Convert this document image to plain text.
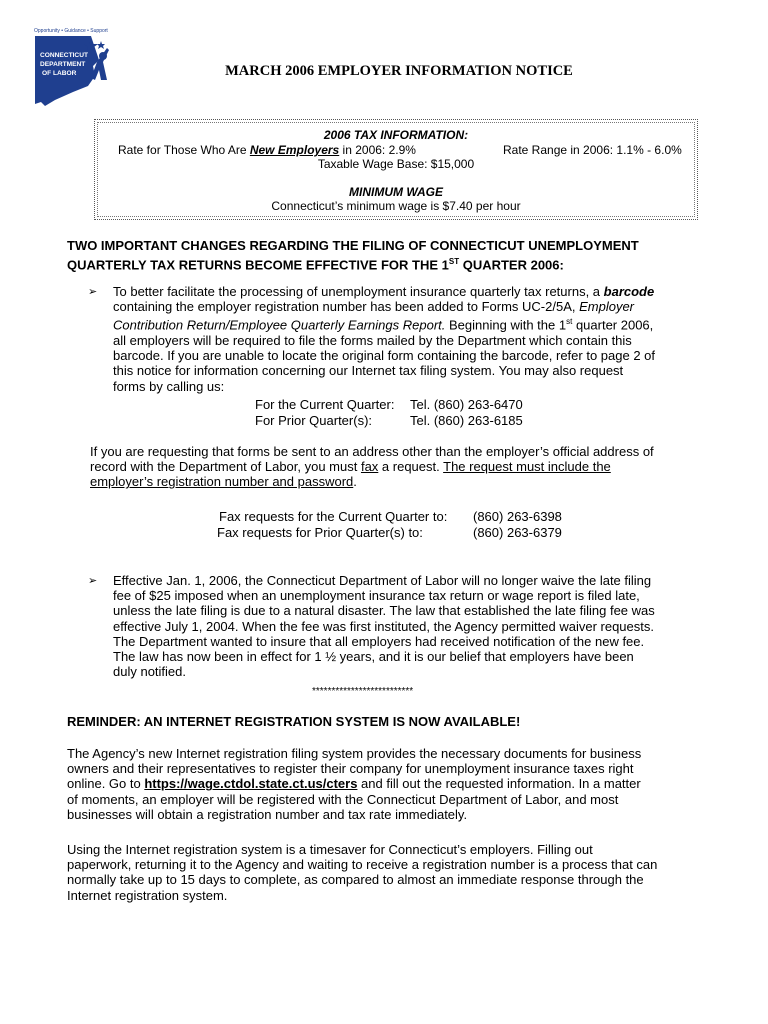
Opportunity • Guidance • Support
CONNECTICUT
DEPARTMENT
OF LABOR	MARCH 2006 EMPLOYER INFORMATION NOTICE
2006 TAX INFORMATION:
Rate for Those Who Are New Employers in 2006: 2.9%	Rate Range in 2006: 1.1% - 6.0%
Taxable Wage Base: $15,000
MINIMUM WAGE
Connecticut’s minimum wage is $7.40 per hour
TWO IMPORTANT CHANGES REGARDING THE FILING OF CONNECTICUT UNEMPLOYMENT
QUARTERLY TAX RETURNS BECOME EFFECTIVE FOR THE 1ST QUARTER 2006:
➢ To better facilitate the processing of unemployment insurance quarterly tax returns, a barcode
containing the employer registration number has been added to Forms UC-2/5A, Employer
Contribution Return/Employee Quarterly Earnings Report. Beginning with the 1st quarter 2006,
all employers will be required to file the forms mailed by the Department which contain this
barcode. If you are unable to locate the original form containing the barcode, refer to page 2 of
this notice for information concerning our Internet tax filing system. You may also request
forms by calling us:
For the Current Quarter: Tel. (860) 263-6470
For Prior Quarter(s):	Tel. (860) 263-6185
If you are requesting that forms be sent to an address other than the employer’s official address of
record with the Department of Labor, you must fax a request. The request must include the
employer’s registration number and password.
Fax requests for the Current Quarter to: (860) 263-6398
Fax requests for Prior Quarter(s) to:	(860) 263-6379
➢ Effective Jan. 1, 2006, the Connecticut Department of Labor will no longer waive the late filing
fee of $25 imposed when an unemployment insurance tax return or wage report is filed late,
unless the late filing is due to a natural disaster. The law that established the late filing fee was
effective July 1, 2004. When the fee was first instituted, the Agency permitted waiver requests.
The Department wanted to insure that all employers had received notification of the new fee.
The law has now been in effect for 1 ½ years, and it is our belief that employers have been
duly notified.
**************************
REMINDER: AN INTERNET REGISTRATION SYSTEM IS NOW AVAILABLE!
The Agency’s new Internet registration filing system provides the necessary documents for business
owners and their representatives to register their company for unemployment insurance taxes right
online. Go to https://wage.ctdol.state.ct.us/cters and fill out the requested information. In a matter
of moments, an employer will be registered with the Connecticut Department of Labor, and most
businesses will obtain a registration number and tax rate immediately.
Using the Internet registration system is a timesaver for Connecticut’s employers. Filling out
paperwork, returning it to the Agency and waiting to receive a registration number is a process that can
normally take up to 15 days to complete, as compared to almost an immediate response through the
Internet registration system.
